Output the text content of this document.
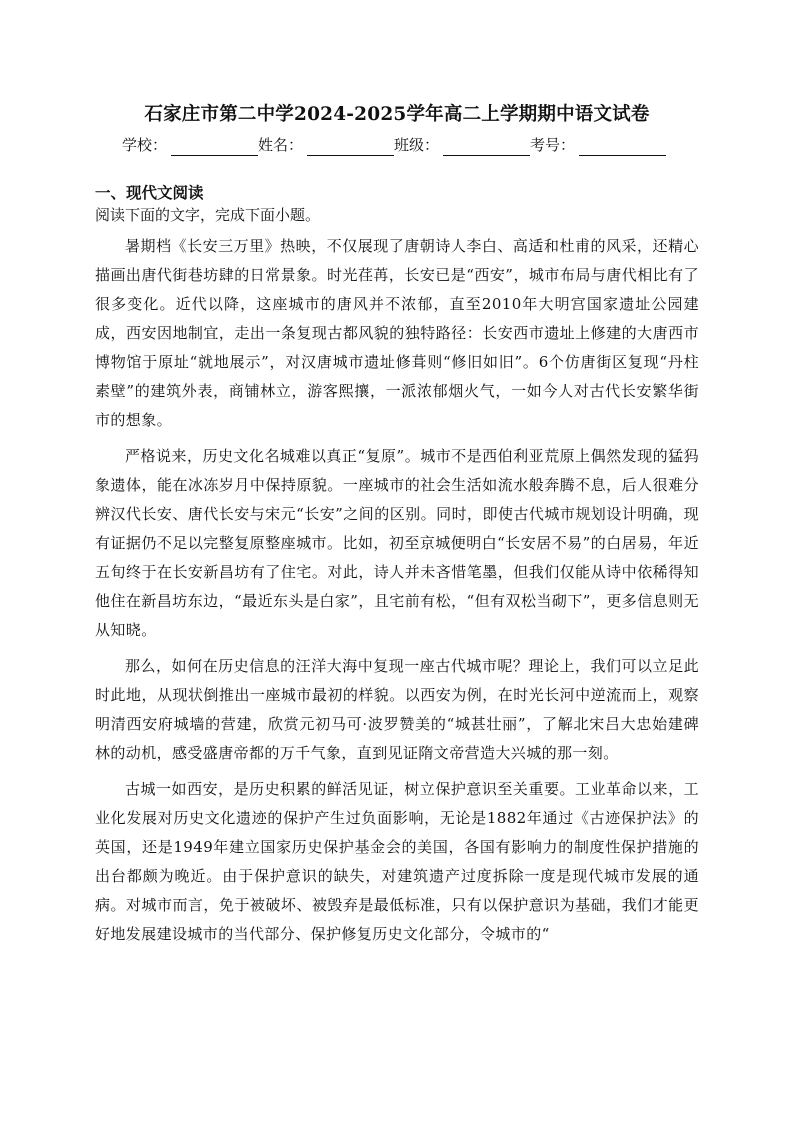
石家庄市第二中学2024-2025学年高二上学期期中语文试卷
学校：	姓名：	班级：	考号：
一、现代文阅读
阅读下面的文字，完成下面小题。

暑期档《长安三万里》热映，不仅展现了唐朝诗人李白、高适和杜甫的风采，还精心描画出唐代街巷坊肆的日常景象。时光荏苒，长安已是“西安”，城市布局与唐代相比有了很多变化。近代以降，这座城市的唐风并不浓郁，直至2010年大明宫国家遗址公园建成，西安因地制宜，走出一条复现古都风貌的独特路径：长安西市遗址上修建的大唐西市博物馆于原址“就地展示”，对汉唐城市遗址修葺则“修旧如旧”。6个仿唐街区复现“丹柱素壁”的建筑外表，商铺林立，游客熙攘，一派浓郁烟火气，一如今人对古代长安繁华街市的想象。

严格说来，历史文化名城难以真正“复原”。城市不是西伯利亚荒原上偶然发现的猛犸象遗体，能在冰冻岁月中保持原貌。一座城市的社会生活如流水般奔腾不息，后人很难分辨汉代长安、唐代长安与宋元“长安”之间的区别。同时，即使古代城市规划设计明确，现有证据仍不足以完整复原整座城市。比如，初至京城便明白“长安居不易”的白居易，年近五旬终于在长安新昌坊有了住宅。对此，诗人并未吝惜笔墨，但我们仅能从诗中依稀得知他住在新昌坊东边，“最近东头是白家”，且宅前有松，“但有双松当砌下”，更多信息则无从知晓。

那么，如何在历史信息的汪洋大海中复现一座古代城市呢？理论上，我们可以立足此时此地，从现状倒推出一座城市最初的样貌。以西安为例，在时光长河中逆流而上，观察明清西安府城墙的营建，欣赏元初马可·波罗赞美的“城甚壮丽”，了解北宋吕大忠始建碑林的动机，感受盛唐帝都的万千气象，直到见证隋文帝营造大兴城的那一刻。

古城一如西安，是历史积累的鲜活见证，树立保护意识至关重要。工业革命以来，工业化发展对历史文化遗迹的保护产生过负面影响，无论是1882年通过《古迹保护法》的英国，还是1949年建立国家历史保护基金会的美国，各国有影响力的制度性保护措施的出台都颇为晚近。由于保护意识的缺失，对建筑遗产过度拆除一度是现代城市发展的通病。对城市而言，免于被破坏、被毁弃是最低标准，只有以保护意识为基础，我们才能更好地发展建设城市的当代部分、保护修复历史文化部分，令城市的“
